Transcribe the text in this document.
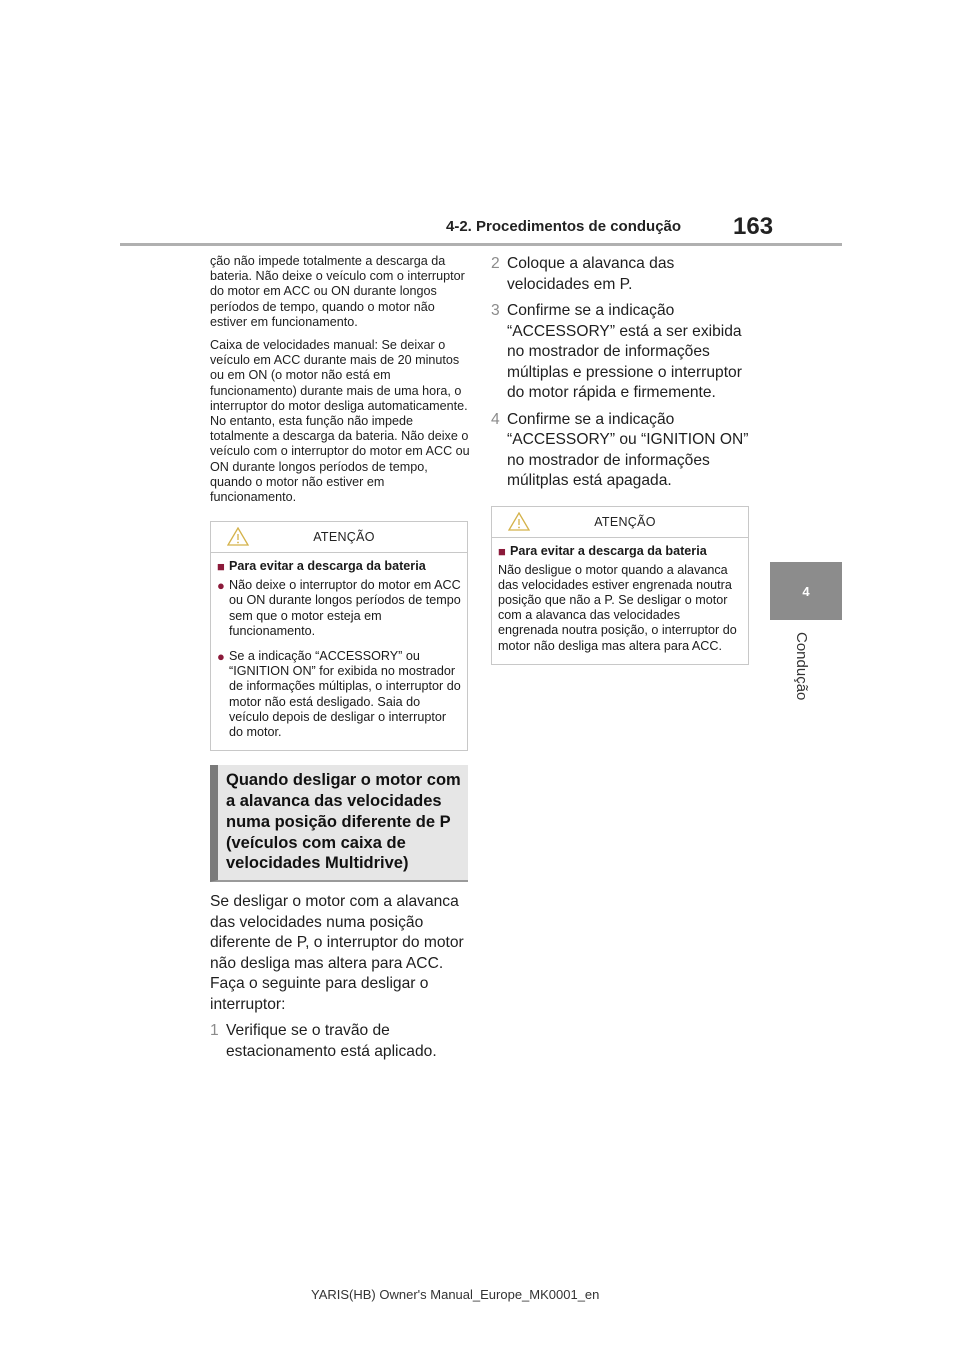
4-2. Procedimentos de condução 163
4
Condução

ção não impede totalmente a descarga da bateria. Não deixe o veículo com o interruptor do motor em ACC ou ON durante longos períodos de tempo, quando o motor não estiver em funcionamento.

Caixa de velocidades manual: Se deixar o veículo em ACC durante mais de 20 minutos ou em ON (o motor não está em funcionamento) durante mais de uma hora, o interruptor do motor desliga automaticamente. No entanto, esta função não impede totalmente a descarga da bateria. Não deixe o veículo com o interruptor do motor em ACC ou ON durante longos períodos de tempo, quando o motor não estiver em funcionamento.

ATENÇÃO
■ Para evitar a descarga da bateria
● Não deixe o interruptor do motor em ACC ou ON durante longos períodos de tempo sem que o motor esteja em funcionamento.
● Se a indicação “ACCESSORY” ou “IGNITION ON” for exibida no mostrador de informações múltiplas, o interruptor do motor não está desligado. Saia do veículo depois de desligar o interruptor do motor.
Quando desligar o motor com a alavanca das velocidades numa posição diferente de P (veículos com caixa de velocidades Multidrive)

Se desligar o motor com a alavanca das velocidades numa posição diferente de P, o interruptor do motor não desliga mas altera para ACC. Faça o seguinte para desligar o interruptor:

1 Verifique se o travão de estacionamento está aplicado.
2 Coloque a alavanca das velocidades em P.
3 Confirme se a indicação “ACCESSORY” está a ser exibida no mostrador de informações múltiplas e pressione o interruptor do motor rápida e firmemente.
4 Confirme se a indicação “ACCESSORY” ou “IGNITION ON” no mostrador de informações múlitplas está apagada.
ATENÇÃO
■ Para evitar a descarga da bateria
Não desligue o motor quando a alavanca das velocidades estiver engrenada noutra posição que não a P. Se desligar o motor com a alavanca das velocidades engrenada noutra posição, o interruptor do motor não desliga mas altera para ACC.
YARIS(HB) Owner's Manual_Europe_MK0001_en
